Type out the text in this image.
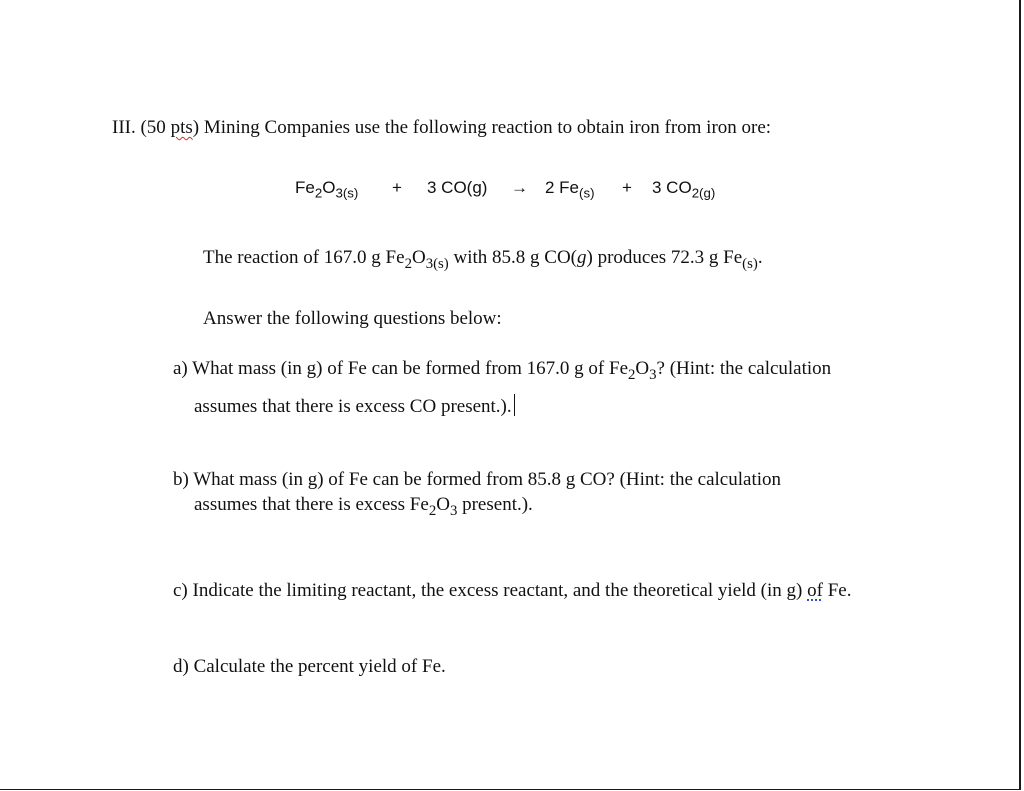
III. (50 pts) Mining Companies use the following reaction to obtain iron from iron ore:
$Fe_2O_{3(s)} + 3$ CO(g) → 2 $Fe_{(s)} + 3$ $CO_{2(g)}$
The reaction of 167.0 g $Fe_2O_{3(s)}$ with 85.8 g CO(g) produces 72.3 g $Fe_{(s)}$.
Answer the following questions below:
a) What mass (in g) of Fe can be formed from 167.0 g of $Fe_2O_3$? (Hint: the calculation
assumes that there is excess CO present.).
b) What mass (in g) of Fe can be formed from 85.8 g CO? (Hint: the calculation
assumes that there is excess $Fe_2O_3$ present.).
c) Indicate the limiting reactant, the excess reactant, and the theoretical yield (in g) of Fe.
d) Calculate the percent yield of Fe.
